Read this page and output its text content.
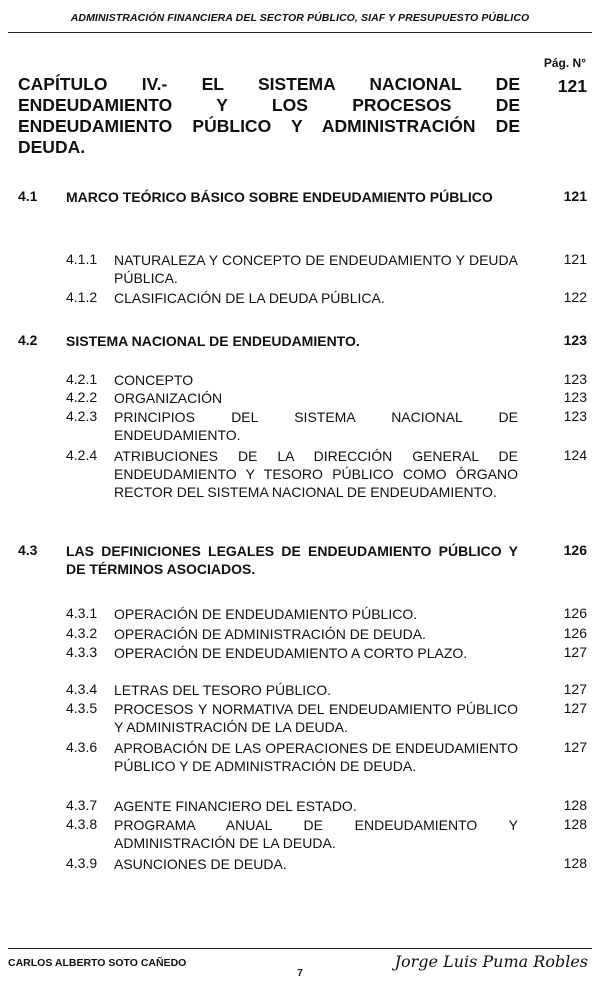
ADMINISTRACIÓN FINANCIERA DEL SECTOR PÚBLICO, SIAF Y PRESUPUESTO PÚBLICO
Pág. N°
CAPÍTULO IV.- EL SISTEMA NACIONAL DE ENDEUDAMIENTO Y LOS PROCESOS DE ENDEUDAMIENTO PÚBLICO Y ADMINISTRACIÓN DE DEUDA.
121
4.1 MARCO TEÓRICO BÁSICO SOBRE ENDEUDAMIENTO PÚBLICO	121
4.1.1 NATURALEZA Y CONCEPTO DE ENDEUDAMIENTO Y DEUDA PÚBLICA.
121
4.1.2 CLASIFICACIÓN DE LA DEUDA PÚBLICA.	122
4.2 SISTEMA NACIONAL DE ENDEUDAMIENTO.	123
4.2.1 CONCEPTO	123
4.2.2 ORGANIZACIÓN	123
4.2.3 PRINCIPIOS DEL SISTEMA NACIONAL DE ENDEUDAMIENTO.
123
4.2.4 ATRIBUCIONES DE LA DIRECCIÓN GENERAL DE ENDEUDAMIENTO Y TESORO PÚBLICO COMO ÓRGANO RECTOR DEL SISTEMA NACIONAL DE ENDEUDAMIENTO.
124
4.3 LAS DEFINICIONES LEGALES DE ENDEUDAMIENTO PÚBLICO Y DE TÉRMINOS ASOCIADOS.
126
4.3.1 OPERACIÓN DE ENDEUDAMIENTO PÚBLICO.	126
4.3.2 OPERACIÓN DE ADMINISTRACIÓN DE DEUDA.	126
4.3.3 OPERACIÓN DE ENDEUDAMIENTO A CORTO PLAZO.	127
4.3.4 LETRAS DEL TESORO PÚBLICO.	127
4.3.5 PROCESOS Y NORMATIVA DEL ENDEUDAMIENTO PÚBLICO Y ADMINISTRACIÓN DE LA DEUDA.
127
4.3.6 APROBACIÓN DE LAS OPERACIONES DE ENDEUDAMIENTO PÚBLICO Y DE ADMINISTRACIÓN DE DEUDA.
127
4.3.7 AGENTE FINANCIERO DEL ESTADO.	128
4.3.8 PROGRAMA ANUAL DE ENDEUDAMIENTO Y ADMINISTRACIÓN DE LA DEUDA.
128
4.3.9 ASUNCIONES DE DEUDA.	128
CARLOS ALBERTO SOTO CAÑEDO
7
Jorge Luis Puma Robles
